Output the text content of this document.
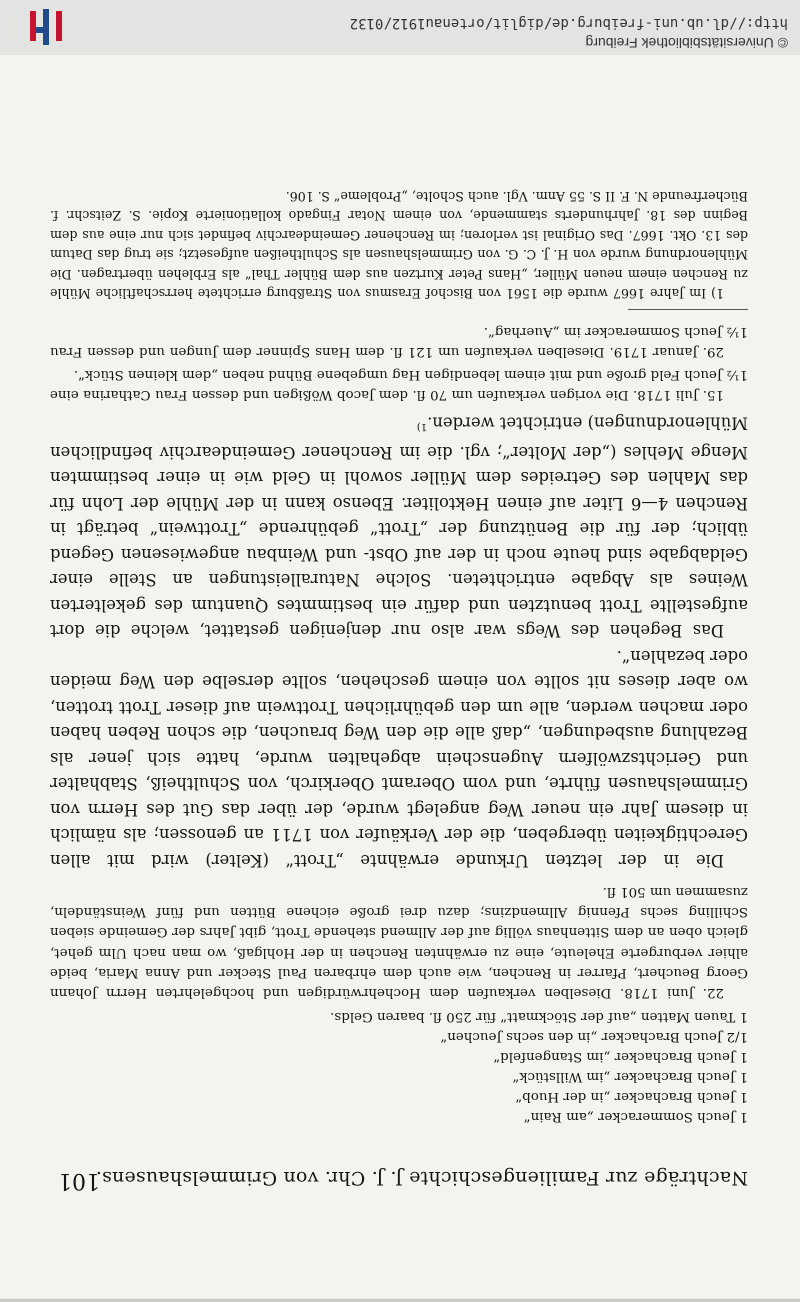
Nachträge zur Familiengeschichte J. J. Chr. von Grimmelshausens.
101

1 Jeuch Sommeracker „am Rain“

1 Jeuch Brachacker „in der Huob“

1 Jeuch Brachacker „im Willstück“

1 Jeuch Brachacker „im Stangenfeld“

1/2 Jeuch Brachacker „in den sechs Jeuchen“

1 Tauen Matten „auf der Stöckmatt“ für 250 fl. baaren Gelds.

22. Juni 1718. Dieselben verkaufen dem Hochehrwürdigen und hochgelehrten Herrn Johann Georg Beuchert, Pfarrer in Renchen, wie auch dem ehrbaren Paul Stecker und Anna Maria, beide alhier verburgerte Eheleute, eine zu erwähnten Renchen in der Hohlgaß, wo man nach Ulm gehet, gleich oben an dem Sittenhaus völlig auf der Allmend stehende Trott, gibt Jahrs der Gemeinde sieben Schilling sechs Pfennig Allmendzins; dazu drei große eichene Bütten und fünf Weinständeln, zusammen um 501 fl.

Die in der letzten Urkunde erwähnte „Trott“ (Kelter) wird mit allen Gerechtigkeiten übergeben, die der Verkäufer von 1711 an genossen; als nämlich in diesem Jahr ein neuer Weg angelegt wurde, der über das Gut des Herrn von Grimmelshausen führte, und vom Oberamt Oberkirch, von Schultheiß, Stabhalter und Gerichtszwölfern Augenschein abgehalten wurde, hatte sich jener als Bezahlung ausbedungen, „daß alle die den Weg brauchen, die schon Reben haben oder machen werden, alle um den gebührlichen Trottwein auf dieser Trott trotten, wo aber dieses nit sollte von einem geschehen, sollte derselbe den Weg meiden oder bezahlen“.

Das Begehen des Wegs war also nur denjenigen gestattet, welche die dort aufgestellte Trott benutzten und dafür ein bestimmtes Quantum des gekelterten Weines als Abgabe entrichteten. Solche Naturalleistungen an Stelle einer Geldabgabe sind heute noch in der auf Obst- und Weinbau angewiesenen Gegend üblich; der für die Benützung der „Trott“ gebührende „Trottwein“ beträgt in Renchen 4—6 Liter auf einen Hektoliter. Ebenso kann in der Mühle der Lohn für das Mahlen des Getreides dem Müller sowohl in Geld wie in einer bestimmten Menge Mehles („der Molter“; vgl. die im Renchener Gemeindearchiv befindlichen Mühlenordnungen) entrichtet werden.$^{1)}$

15. Juli 1718. Die vorigen verkaufen um 70 fl. dem Jacob Wößigen und dessen Frau Catharina eine 1½ Jeuch Feld große und mit einem lebendigen Hag umgebene Bühnd neben „dem kleinen Stück“.

29. Januar 1719. Dieselben verkaufen um 121 fl. dem Hans Spinner dem Jungen und dessen Frau 1½ Jeuch Sommeracker im „Auerhag“.

1) Im Jahre 1667 wurde die 1561 von Bischof Erasmus von Straßburg errichtete herrschaftliche Mühle zu Renchen einem neuen Müller, „Hans Peter Kurtzen aus dem Bühler Thal“ als Erblehen übertragen. Die Mühlenordnung wurde von H. J. C. G. von Grimmelshausen als Schultheißen aufgesetzt; sie trug das Datum des 13. Okt. 1667. Das Original ist verloren; im Renchener Gemeindearchiv befindet sich nur eine aus dem Beginn des 18. Jahrhunderts stammende, von einem Notar Fingado kollationierte Kopie. S. Zeitschr. f. Bücherfreunde N. F. II S. 55 Anm. Vgl. auch Scholte, „Probleme“ S. 106.

© Universitätsbibliothek Freiburg
http://dl.ub.uni-freiburg.de/diglit/ortenau1912/0132
